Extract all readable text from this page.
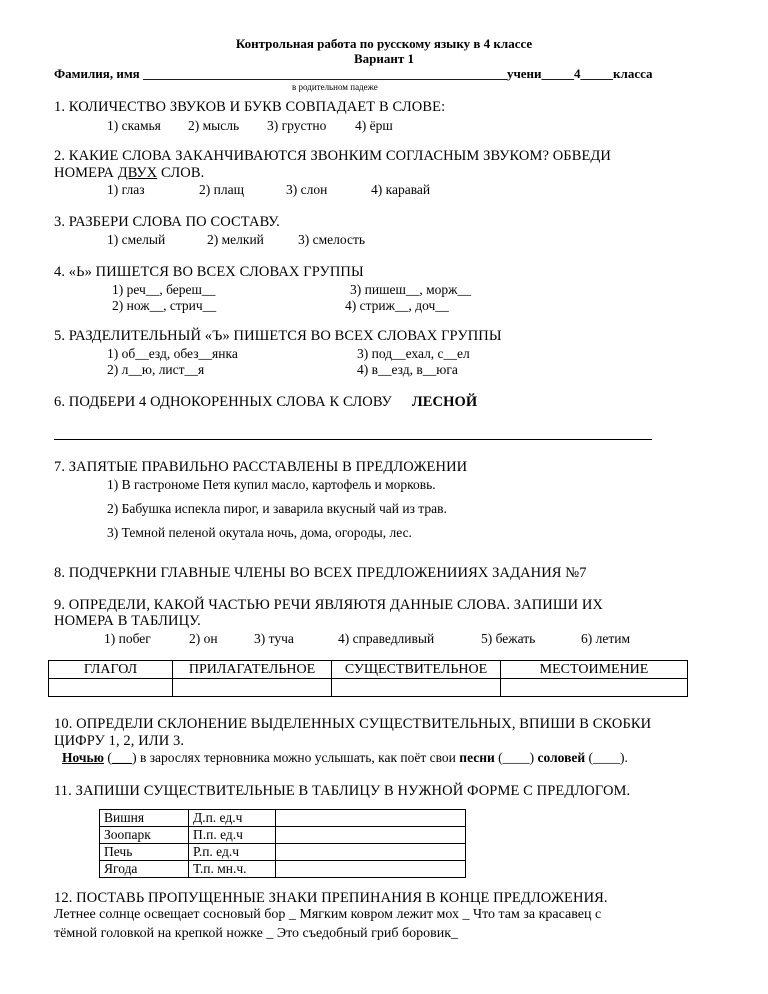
Контрольная работа по русскому языку в 4 классе
Вариант 1
Фамилия, имя ________________________________________________________учени_____4_____класса
в родительном падеже
1. КОЛИЧЕСТВО ЗВУКОВ И БУКВ СОВПАДАЕТ В СЛОВЕ:
1) скамья 2) мысль 3) грустно 4) ёрш
2. КАКИЕ СЛОВА ЗАКАНЧИВАЮТСЯ ЗВОНКИМ СОГЛАСНЫМ ЗВУКОМ? ОБВЕДИ
НОМЕРА ДВУХ СЛОВ.
1) глаз	2) плащ	3) слон	4) каравай
3. РАЗБЕРИ СЛОВА ПО СОСТАВУ.
1) смелый	2) мелкий	3) смелость
4. «Ь» ПИШЕТСЯ ВО ВСЕХ СЛОВАХ ГРУППЫ
1) реч__, береш__	3) пишеш__, морж__
2) нож__, стрич__	4) стриж__, доч__
5. РАЗДЕЛИТЕЛЬНЫЙ «Ъ» ПИШЕТСЯ ВО ВСЕХ СЛОВАХ ГРУППЫ
1) об__езд, обез__янка	3) под__ехал, с__ел
2) л__ю, лист__я	4) в__езд, в__юга
6. ПОДБЕРИ 4 ОДНОКОРЕННЫХ СЛОВА К СЛОВУ ЛЕСНОЙ
7. ЗАПЯТЫЕ ПРАВИЛЬНО РАССТАВЛЕНЫ В ПРЕДЛОЖЕНИИ
1) В гастрономе Петя купил масло, картофель и морковь.
2) Бабушка испекла пирог, и заварила вкусный чай из трав.
3) Темной пеленой окутала ночь, дома, огороды, лес.
8. ПОДЧЕРКНИ ГЛАВНЫЕ ЧЛЕНЫ ВО ВСЕХ ПРЕДЛОЖЕНИИЯХ ЗАДАНИЯ №7
9. ОПРЕДЕЛИ, КАКОЙ ЧАСТЬЮ РЕЧИ ЯВЛЯЮТЯ ДАННЫЕ СЛОВА. ЗАПИШИ ИХ
НОМЕРА В ТАБЛИЦУ.
1) побег	2) он	3) туча	4) справедливый	5) бежать	6) летим
ГЛАГОЛ	ПРИЛАГАТЕЛЬНОЕ	СУЩЕСТВИТЕЛЬНОЕ	МЕСТОИМЕНИЕ

10. ОПРЕДЕЛИ СКЛОНЕНИЕ ВЫДЕЛЕННЫХ СУЩЕСТВИТЕЛЬНЫХ, ВПИШИ В СКОБКИ
ЦИФРУ 1, 2, ИЛИ 3.
Ночью (___) в зарослях терновника можно услышать, как поёт свои песни (____) соловей (____).
11. ЗАПИШИ СУЩЕСТВИТЕЛЬНЫЕ В ТАБЛИЦУ В НУЖНОЙ ФОРМЕ С ПРЕДЛОГОМ.
Вишня	Д.п. ед.ч	
Зоопарк	П.п. ед.ч	
Печь	Р.п. ед.ч	
Ягода	Т.п. мн.ч.	
12. ПОСТАВЬ ПРОПУЩЕННЫЕ ЗНАКИ ПРЕПИНАНИЯ В КОНЦЕ ПРЕДЛОЖЕНИЯ.
Летнее солнце освещает сосновый бор _ Мягким ковром лежит мох _ Что там за красавец с
тёмной головкой на крепкой ножке _ Это съедобный гриб боровик_
